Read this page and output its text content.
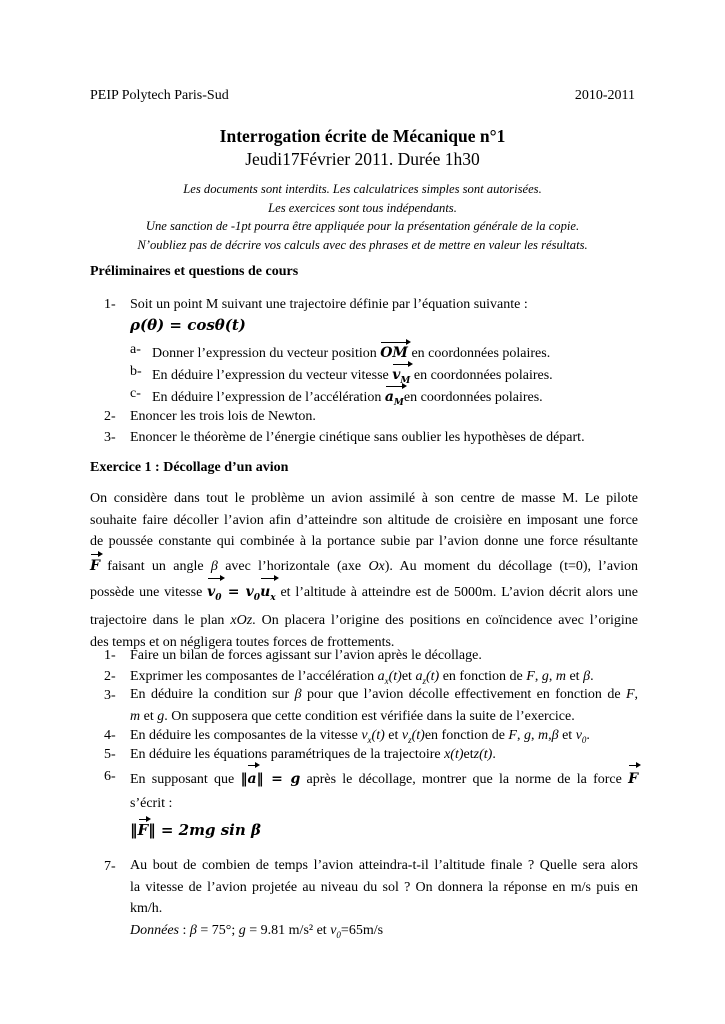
PEIP Polytech Paris-Sud	2010-2011
Interrogation écrite de Mécanique n°1
Jeudi17Février 2011. Durée 1h30
Les documents sont interdits. Les calculatrices simples sont autorisées.
Les exercices sont tous indépendants.
Une sanction de -1pt pourra être appliquée pour la présentation générale de la copie.
N’oubliez pas de décrire vos calculs avec des phrases et de mettre en valeur les résultats.
Préliminaires et questions de cours
1- Soit un point M suivant une trajectoire définie par l’équation suivante :
ρ(θ) = cosθ(t)
a- Donner l’expression du vecteur position OM en coordonnées polaires.
b- En déduire l’expression du vecteur vitesse $v_M$ en coordonnées polaires.
c- En déduire l’expression de l’accélération $a_Men$ coordonnées polaires.
2- Enoncer les trois lois de Newton.
3- Enoncer le théorème de l’énergie cinétique sans oublier les hypothèses de départ.
Exercice 1 : Décollage d’un avion
On considère dans tout le problème un avion assimilé à son centre de masse M. Le pilote
souhaite faire décoller l’avion afin d’atteindre son altitude de croisière en imposant une force
de poussée constante qui combinée à la portance subie par l’avion donne une force résultante
F faisant un angle β avec l’horizontale (axe Ox). Au moment du décollage (t=0), l’avion
possède une vitesse $v_0 = v_0u_x$ et l’altitude à atteindre est de 5000m. L’avion décrit alors une
trajectoire dans le plan xOz. On placera l’origine des positions en coïncidence avec l’origine
des temps et on négligera toutes forces de frottements.
1- Faire un bilan de forces agissant sur l’avion après le décollage.
2- Exprimer les composantes de l’accélération $a_x(t)et$ $a_z(t)$ en fonction de F, g, m et β.
3- En déduire la condition sur β pour que l’avion décolle effectivement en fonction de F,
m et g. On supposera que cette condition est vérifiée dans la suite de l’exercice.
4- En déduire les composantes de la vitesse $v_x(t)$ et $v_z(t)en$ fonction de F, g, m,β et $v_0$.
5- En déduire les équations paramétriques de la trajectoire x(t)etz(t).
6- En supposant que ‖a‖ = g après le décollage, montrer que la norme de la force F
s’écrit :
‖F‖ = 2mg sin β
7- Au bout de combien de temps l’avion atteindra-t-il l’altitude finale ? Quelle sera alors
la vitesse de l’avion projetée au niveau du sol ? On donnera la réponse en m/s puis en
km/h.
Données : β = 75°; g = 9.81 m/s² et $v_0=65m/s$
